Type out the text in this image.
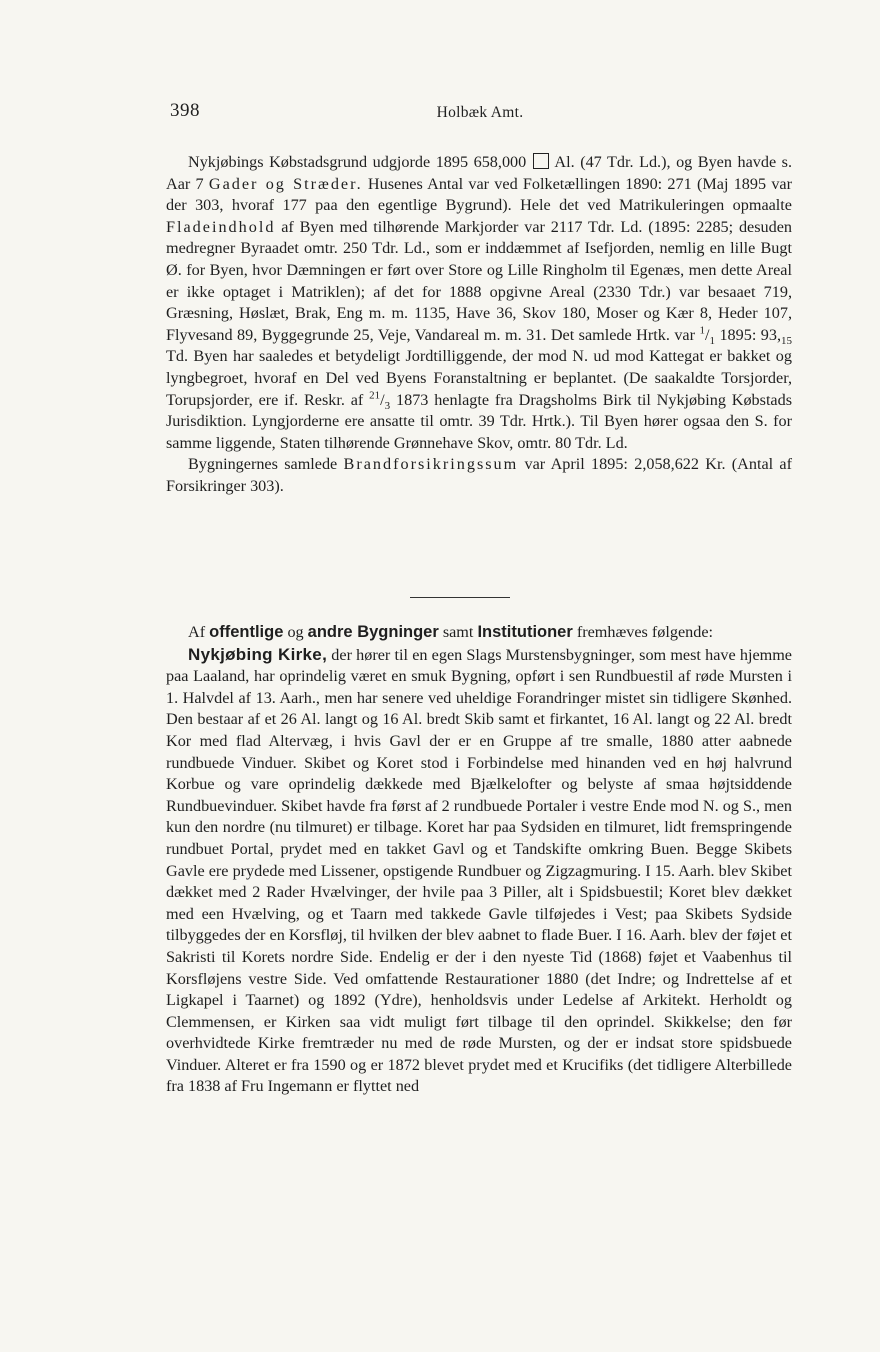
398	Holbæk Amt.

Nykjøbings Købstadsgrund udgjorde 1895 658,000 Al. (47 Tdr. Ld.), og Byen havde s. Aar 7 Gader og Stræder. Husenes Antal var ved Folketællingen 1890: 271 (Maj 1895 var der 303, hvoraf 177 paa den egentlige Bygrund). Hele det ved Matrikuleringen opmaalte Fladeindhold af Byen med tilhørende Markjorder var 2117 Tdr. Ld. (1895: 2285; desuden medregner Byraadet omtr. 250 Tdr. Ld., som er inddæmmet af Isefjorden, nemlig en lille Bugt Ø. for Byen, hvor Dæmningen er ført over Store og Lille Ringholm til Egenæs, men dette Areal er ikke optaget i Matriklen); af det for 1888 opgivne Areal (2330 Tdr.) var besaaet 719, Græsning, Høslæt, Brak, Eng m. m. 1135, Have 36, Skov 180, Moser og Kær 8, Heder 107, Flyvesand 89, Byggegrunde 25, Veje, Vandareal m. m. 31. Det samlede Hrtk. var $^1/_1$ 1895: $93,_{15}$ Td. Byen har saaledes et betydeligt Jordtilliggende, der mod N. ud mod Kattegat er bakket og lyngbegroet, hvoraf en Del ved Byens Foranstaltning er beplantet. (De saakaldte Torsjorder, Torupsjorder, ere if. Reskr. af $^{21}/_3$ 1873 henlagte fra Dragsholms Birk til Nykjøbing Købstads Jurisdiktion. Lyngjorderne ere ansatte til omtr. 39 Tdr. Hrtk.). Til Byen hører ogsaa den S. for samme liggende, Staten tilhørende Grønnehave Skov, omtr. 80 Tdr. Ld.

Bygningernes samlede Brandforsikringssum var April 1895: 2,058,622 Kr. (Antal af Forsikringer 303).

Af offentlige og andre Bygninger samt Institutioner fremhæves følgende:

Nykjøbing Kirke, der hører til en egen Slags Murstensbygninger, som mest have hjemme paa Laaland, har oprindelig været en smuk Bygning, opført i sen Rundbuestil af røde Mursten i 1. Halvdel af 13. Aarh., men har senere ved uheldige Forandringer mistet sin tidligere Skønhed. Den bestaar af et 26 Al. langt og 16 Al. bredt Skib samt et firkantet, 16 Al. langt og 22 Al. bredt Kor med flad Altervæg, i hvis Gavl der er en Gruppe af tre smalle, 1880 atter aabnede rundbuede Vinduer. Skibet og Koret stod i Forbindelse med hinanden ved en høj halvrund Korbue og vare oprindelig dækkede med Bjælkelofter og belyste af smaa højtsiddende Rundbuevinduer. Skibet havde fra først af 2 rundbuede Portaler i vestre Ende mod N. og S., men kun den nordre (nu tilmuret) er tilbage. Koret har paa Sydsiden en tilmuret, lidt fremspringende rundbuet Portal, prydet med en takket Gavl og et Tandskifte omkring Buen. Begge Skibets Gavle ere prydede med Lissener, opstigende Rundbuer og Zigzagmuring. I 15. Aarh. blev Skibet dækket med 2 Rader Hvælvinger, der hvile paa 3 Piller, alt i Spidsbuestil; Koret blev dækket med een Hvælving, og et Taarn med takkede Gavle tilføjedes i Vest; paa Skibets Sydside tilbyggedes der en Korsfløj, til hvilken der blev aabnet to flade Buer. I 16. Aarh. blev der føjet et Sakristi til Korets nordre Side. Endelig er der i den nyeste Tid (1868) føjet et Vaabenhus til Korsfløjens vestre Side. Ved omfattende Restaurationer 1880 (det Indre; og Indrettelse af et Ligkapel i Taarnet) og 1892 (Ydre), henholdsvis under Ledelse af Arkitekt. Herholdt og Clemmensen, er Kirken saa vidt muligt ført tilbage til den oprindel. Skikkelse; den før overhvidtede Kirke fremtræder nu med de røde Mursten, og der er indsat store spidsbuede Vinduer. Alteret er fra 1590 og er 1872 blevet prydet med et Krucifiks (det tidligere Alterbillede fra 1838 af Fru Ingemann er flyttet ned
